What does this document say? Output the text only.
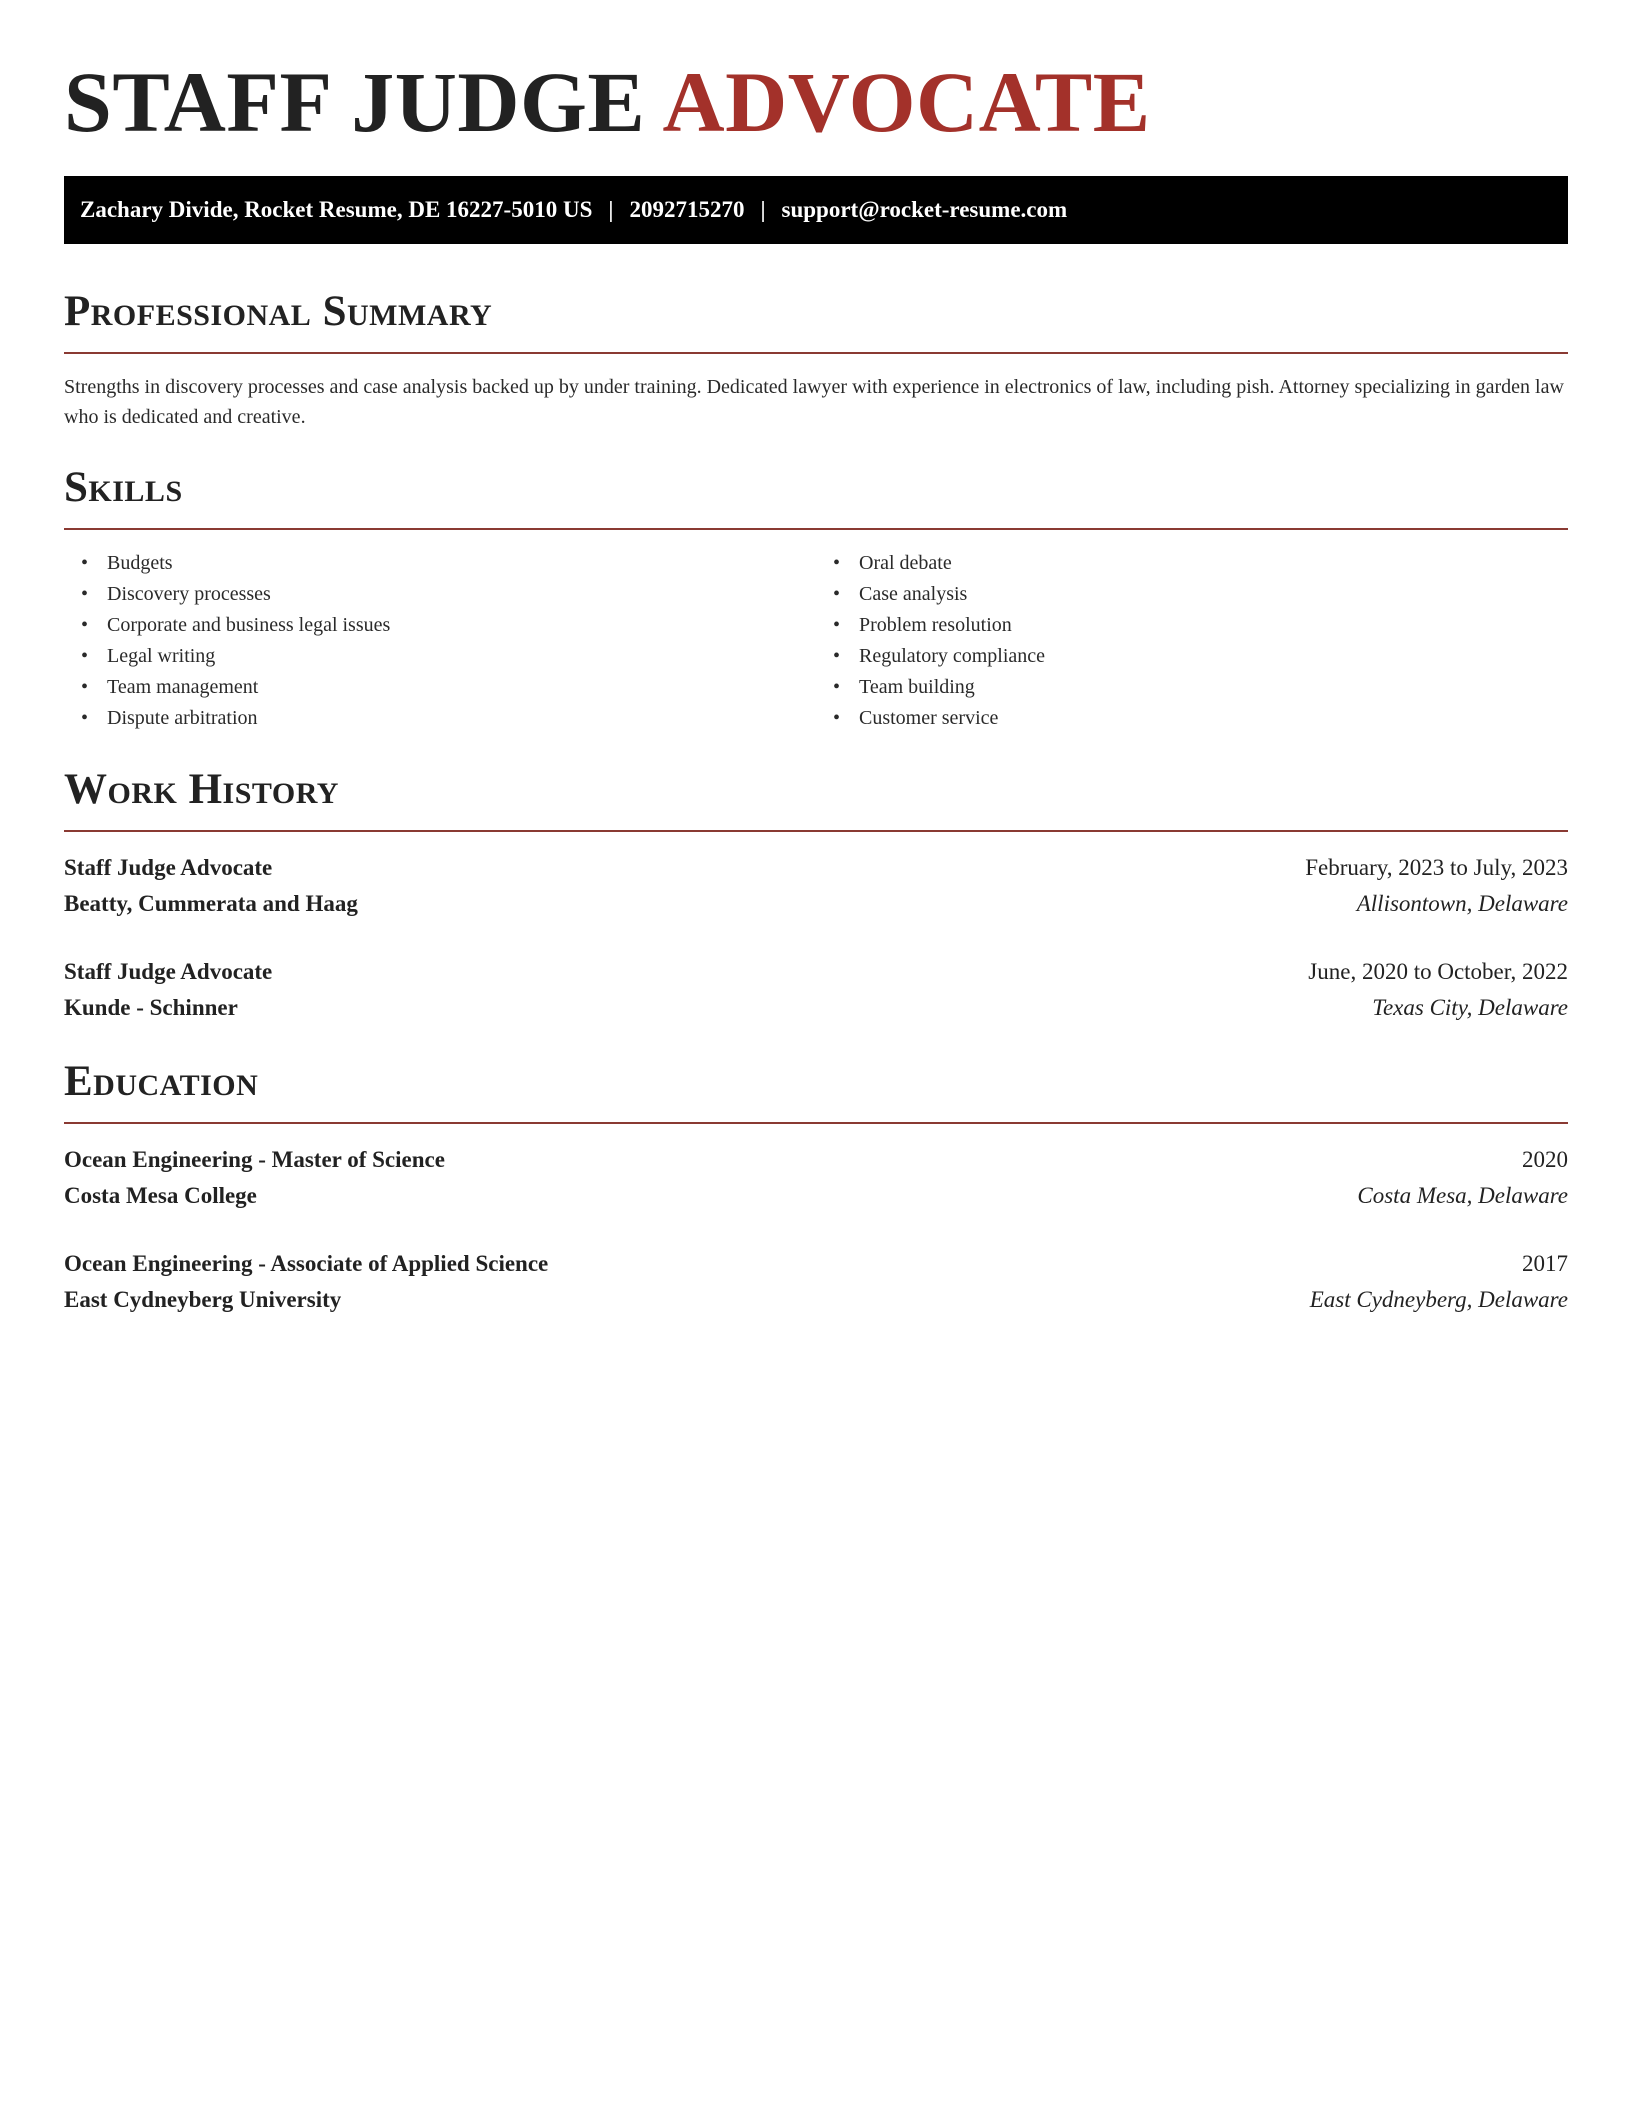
STAFF JUDGE ADVOCATE
Zachary Divide, Rocket Resume, DE 16227-5010 US | 2092715270 | support@rocket-resume.com
Professional Summary

Strengths in discovery processes and case analysis backed up by under training. Dedicated lawyer with experience in electronics of law, including pish. Attorney specializing in garden law who is dedicated and creative.

Skills
• Budgets
• Discovery processes
• Corporate and business legal issues
• Legal writing
• Team management
• Dispute arbitration
• Oral debate
• Case analysis
• Problem resolution
• Regulatory compliance
• Team building
• Customer service
Work History
Staff Judge Advocate	February, 2023 to July, 2023
Beatty, Cummerata and Haag	Allisontown, Delaware
Staff Judge Advocate	June, 2020 to October, 2022
Kunde - Schinner	Texas City, Delaware
Education
Ocean Engineering - Master of Science	2020
Costa Mesa College	Costa Mesa, Delaware
Ocean Engineering - Associate of Applied Science	2017
East Cydneyberg University	East Cydneyberg, Delaware
